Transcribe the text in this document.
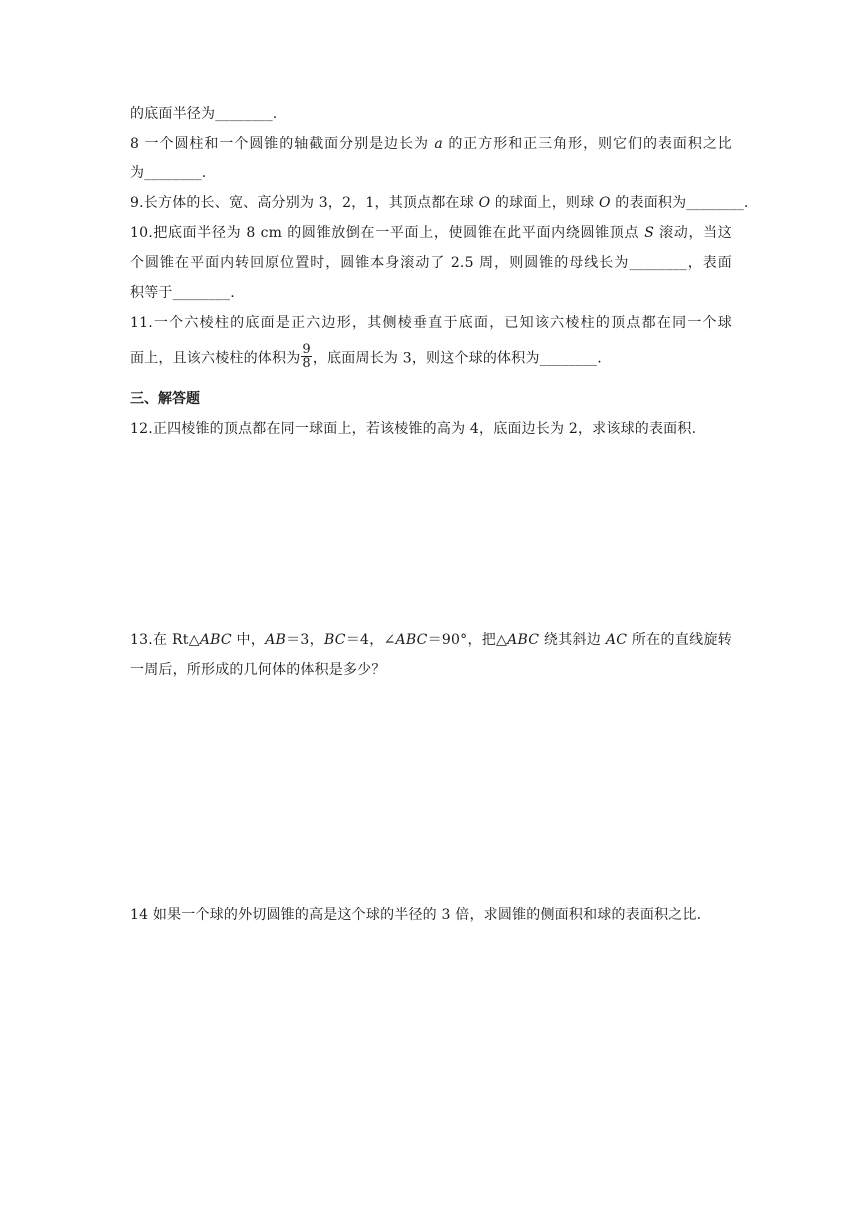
的底面半径为________.
8 一个圆柱和一个圆锥的轴截面分别是边长为 a 的正方形和正三角形，则它们的表面积之比
为________.
9.长方体的长、宽、高分别为 3，2，1，其顶点都在球 O 的球面上，则球 O 的表面积为________.
10.把底面半径为 8 cm 的圆锥放倒在一平面上，使圆锥在此平面内绕圆锥顶点 S 滚动，当这
个圆锥在平面内转回原位置时，圆锥本身滚动了 2.5 周，则圆锥的母线长为________，表面
积等于________.
11.一个六棱柱的底面是正六边形，其侧棱垂直于底面，已知该六棱柱的顶点都在同一个球
面上，且该六棱柱的体积为 $\frac{9}{8}$ ，底面周长为 3，则这个球的体积为________.
三、解答题
12.正四棱锥的顶点都在同一球面上，若该棱锥的高为 4，底面边长为 2，求该球的表面积.
13.在 Rt△ABC 中，AB＝3，BC＝4，∠ABC＝90°，把△ABC 绕其斜边 AC 所在的直线旋转
一周后，所形成的几何体的体积是多少？
14 如果一个球的外切圆锥的高是这个球的半径的 3 倍，求圆锥的侧面积和球的表面积之比.
